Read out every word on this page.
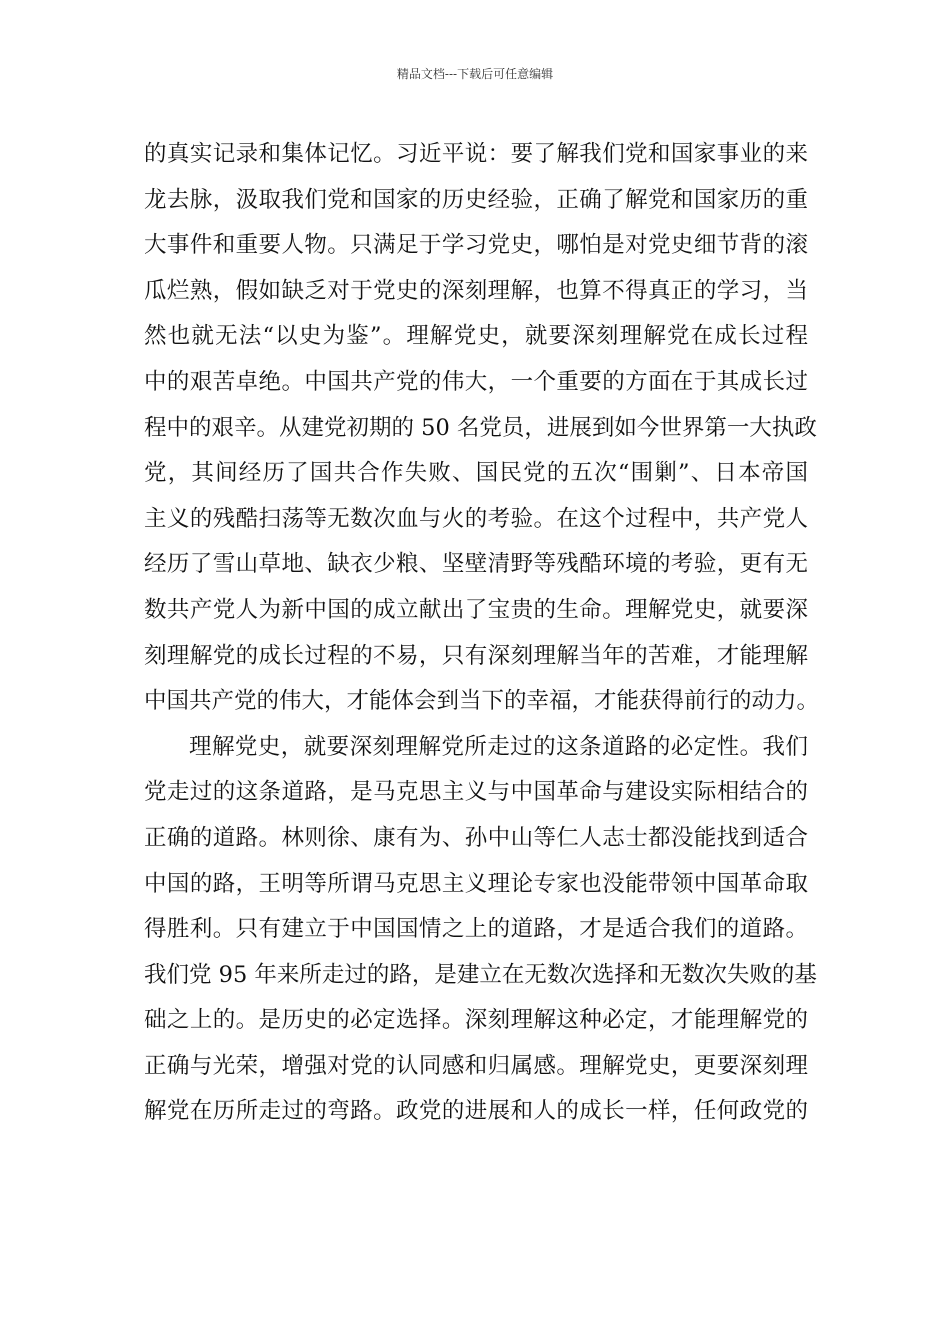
精品文档---下载后可任意编辑
的真实记录和集体记忆。习近平说：要了解我们党和国家事业的来
龙去脉，汲取我们党和国家的历史经验，正确了解党和国家历的重
大事件和重要人物。只满足于学习党史，哪怕是对党史细节背的滚
瓜烂熟，假如缺乏对于党史的深刻理解，也算不得真正的学习，当
然也就无法“以史为鉴”。理解党史，就要深刻理解党在成长过程
中的艰苦卓绝。中国共产党的伟大，一个重要的方面在于其成长过
程中的艰辛。从建党初期的 50 名党员，进展到如今世界第一大执政
党，其间经历了国共合作失败、国民党的五次“围剿”、日本帝国
主义的残酷扫荡等无数次血与火的考验。在这个过程中，共产党人
经历了雪山草地、缺衣少粮、坚壁清野等残酷环境的考验，更有无
数共产党人为新中国的成立献出了宝贵的生命。理解党史，就要深
刻理解党的成长过程的不易，只有深刻理解当年的苦难，才能理解
中国共产党的伟大，才能体会到当下的幸福，才能获得前行的动力。
理解党史，就要深刻理解党所走过的这条道路的必定性。我们
党走过的这条道路，是马克思主义与中国革命与建设实际相结合的
正确的道路。林则徐、康有为、孙中山等仁人志士都没能找到适合
中国的路，王明等所谓马克思主义理论专家也没能带领中国革命取
得胜利。只有建立于中国国情之上的道路，才是适合我们的道路。
我们党 95 年来所走过的路，是建立在无数次选择和无数次失败的基
础之上的。是历史的必定选择。深刻理解这种必定，才能理解党的
正确与光荣，增强对党的认同感和归属感。理解党史，更要深刻理
解党在历所走过的弯路。政党的进展和人的成长一样，任何政党的
